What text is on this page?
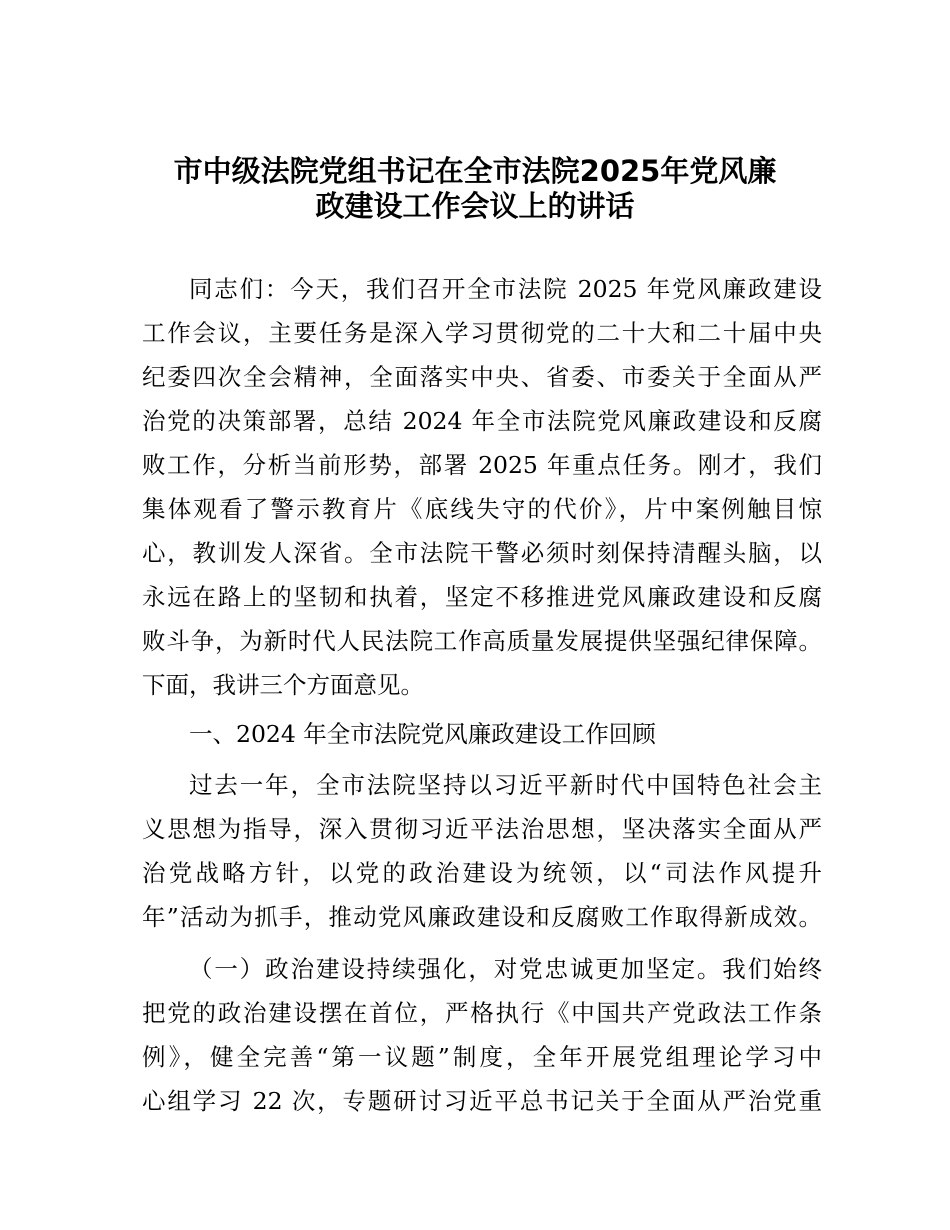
市中级法院党组书记在全市法院2025年党风廉
政建设工作会议上的讲话
同志们：今天，我们召开全市法院 2025 年党风廉政建设
工作会议，主要任务是深入学习贯彻党的二十大和二十届中央
纪委四次全会精神，全面落实中央、省委、市委关于全面从严
治党的决策部署，总结 2024 年全市法院党风廉政建设和反腐
败工作，分析当前形势，部署 2025 年重点任务。刚才，我们
集体观看了警示教育片《底线失守的代价》，片中案例触目惊
心，教训发人深省。全市法院干警必须时刻保持清醒头脑，以
永远在路上的坚韧和执着，坚定不移推进党风廉政建设和反腐
败斗争，为新时代人民法院工作高质量发展提供坚强纪律保障。
下面，我讲三个方面意见。
一、2024 年全市法院党风廉政建设工作回顾
过去一年，全市法院坚持以习近平新时代中国特色社会主
义思想为指导，深入贯彻习近平法治思想，坚决落实全面从严
治党战略方针，以党的政治建设为统领，以“司法作风提升
年”活动为抓手，推动党风廉政建设和反腐败工作取得新成效。
（一）政治建设持续强化，对党忠诚更加坚定。我们始终
把党的政治建设摆在首位，严格执行《中国共产党政法工作条
例》，健全完善“第一议题”制度，全年开展党组理论学习中
心组学习 22 次，专题研讨习近平总书记关于全面从严治党重
